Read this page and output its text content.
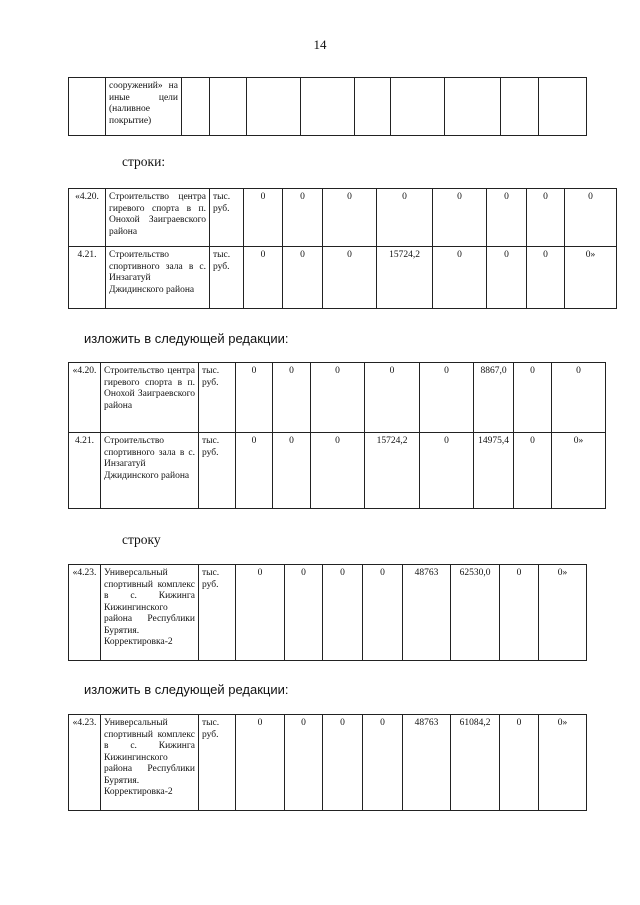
14
	сооружений» на иные цели (наливное покрытие)									
строки:
«4.20.	Строительство центра гиревого спорта в п. Онохой Заиграевского района	тыс. руб.	0	0	0	0	0	0	0	0
4.21.	Строительство спортивного зала в с. Инзагатуй Джидинского района	тыс. руб.	0	0	0	15724,2	0	0	0	0»
изложить в следующей редакции:
«4.20.	Строительство центра гиревого спорта в п. Онохой Заиграевского района	тыс. руб.	0	0	0	0	0	8867,0	0	0
4.21.	Строительство спортивного зала в с. Инзагатуй Джидинского района	тыс. руб.	0	0	0	15724,2	0	14975,4	0	0»
строку
«4.23.	Универсальный спортивный комплекс в с. Кижинга Кижингинского района Республики Бурятия. Корректировка-2	тыс. руб.	0	0	0	0	48763	62530,0	0	0»
изложить в следующей редакции:
«4.23.	Универсальный спортивный комплекс в с. Кижинга Кижингинского района Республики Бурятия. Корректировка-2	тыс. руб.	0	0	0	0	48763	61084,2	0	0»
